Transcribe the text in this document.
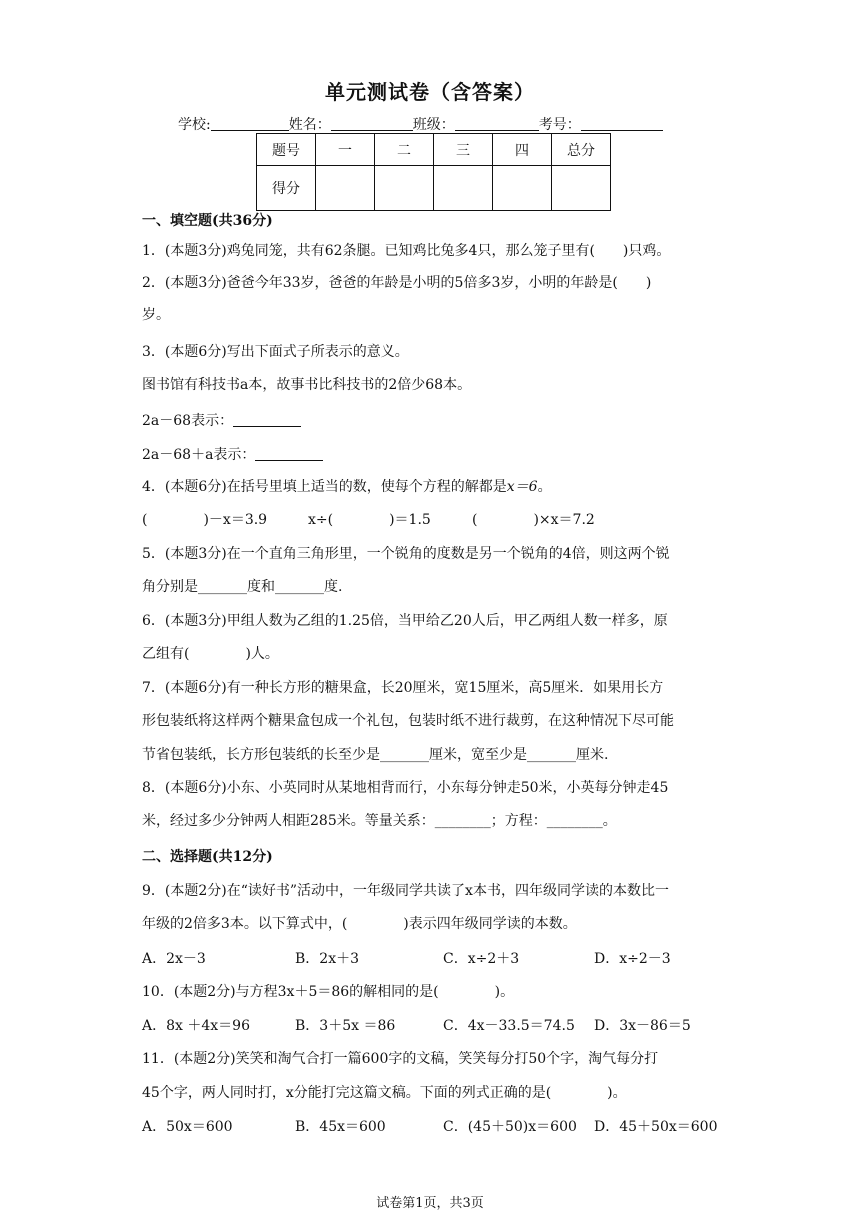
单元测试卷（含答案）
学校:	姓名：	班级：	考号：
题号	一	二	三	四	总分
得分					
一、填空题(共36分)
1．(本题3分)鸡兔同笼，共有62条腿。已知鸡比兔多4只，那么笼子里有(　　)只鸡。
2．(本题3分)爸爸今年33岁，爸爸的年龄是小明的5倍多3岁，小明的年龄是(　　)
岁。
3．(本题6分)写出下面式子所表示的意义。
图书馆有科技书a本，故事书比科技书的2倍少68本。
2a－68表示：
2a－68＋a表示：
4．(本题6分)在括号里填上适当的数，使每个方程的解都是x＝6。
(　　　　)－x＝3.9	x÷(　　　　)＝1.5	(　　　　)×x＝7.2
5．(本题3分)在一个直角三角形里，一个锐角的度数是另一个锐角的4倍，则这两个锐
角分别是_______度和_______度.
6．(本题3分)甲组人数为乙组的1.25倍，当甲给乙20人后，甲乙两组人数一样多，原
乙组有(　　　　)人。
7．(本题6分)有一种长方形的糖果盒，长20厘米，宽15厘米，高5厘米．如果用长方
形包装纸将这样两个糖果盒包成一个礼包，包装时纸不进行裁剪，在这种情况下尽可能
节省包装纸，长方形包装纸的长至少是_______厘米，宽至少是_______厘米.
8．(本题6分)小东、小英同时从某地相背而行，小东每分钟走50米，小英每分钟走45
米，经过多少分钟两人相距285米。等量关系：________；方程：________。
二、选择题(共12分)
9．(本题2分)在“读好书”活动中，一年级同学共读了x本书，四年级同学读的本数比一
年级的2倍多3本。以下算式中，(　　　　)表示四年级同学读的本数。
A．2x－3	B．2x＋3	C．x÷2＋3	D．x÷2－3
10．(本题2分)与方程3x＋5＝86的解相同的是(　　　　)。
A．8x ＋4x＝96	B．3＋5x ＝86	C．4x－33.5＝74.5 D．3x－86＝5
11．(本题2分)笑笑和淘气合打一篇600字的文稿，笑笑每分打50个字，淘气每分打
45个字，两人同时打，x分能打完这篇文稿。下面的列式正确的是(　　　　)。
A．50x＝600	B．45x＝600	C．(45＋50)x＝600 D．45＋50x＝600
试卷第1页，共3页
